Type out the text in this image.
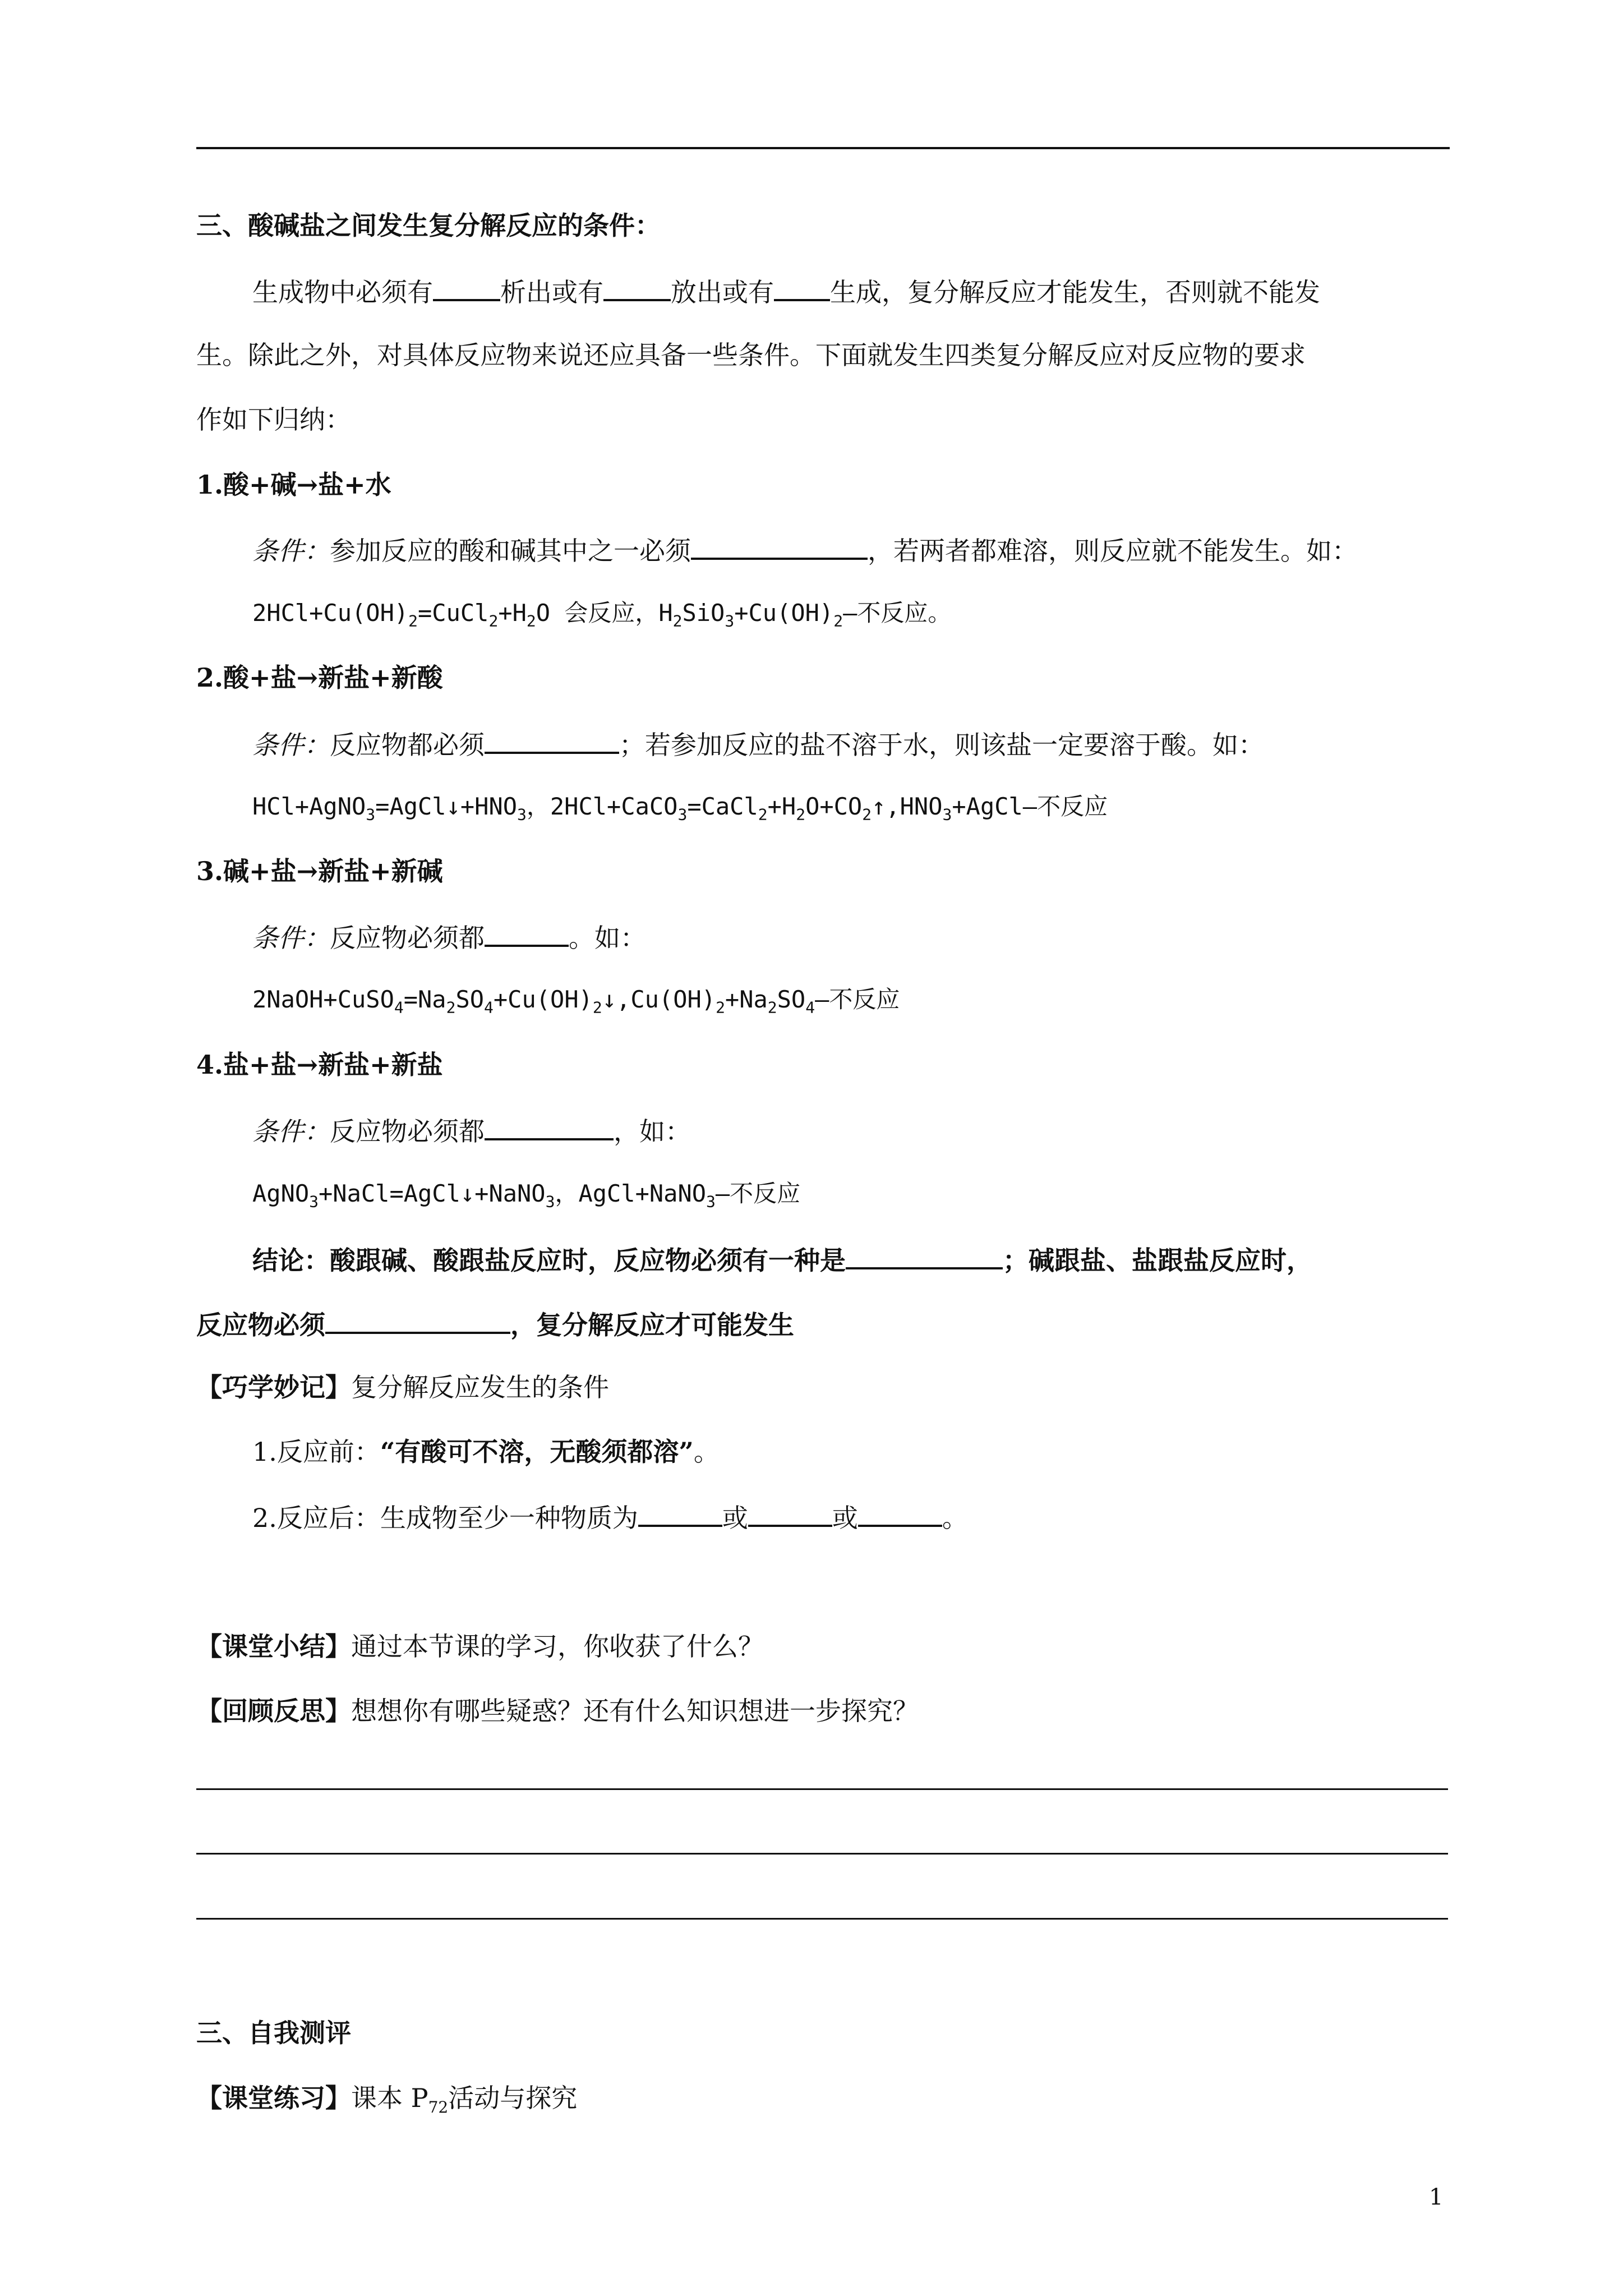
三、酸碱盐之间发生复分解反应的条件：
生成物中必须有	析出或有	放出或有 生成，复分解反应才能发生，否则就不能发
生。除此之外，对具体反应物来说还应具备一些条件。下面就发生四类复分解反应对反应物的要求
作如下归纳：
1.酸+碱→盐+水
条件：参加反应的酸和碱其中之一必须	，若两者都难溶，则反应就不能发生。如：
$2HCl+Cu(OH)_2=CuCl_2+H_2O$ 会反应，$H_2SiO_3+Cu(OH)_2—$不反应。
2.酸+盐→新盐+新酸
条件：反应物都必须	；若参加反应的盐不溶于水，则该盐一定要溶于酸。如：
$HCl+AgNO_3=AgCl↓+HNO_3$，$2HCl+CaCO_3=CaCl_2+H_2O+CO_2↑,HNO_3+AgCl—$不反应
3.碱+盐→新盐+新碱
条件：反应物必须都	。如：
$2NaOH+CuSO_4=Na_2SO_4+Cu(OH)_2↓,Cu(OH)_2+Na_2SO_4—$不反应
4.盐+盐→新盐+新盐
条件：反应物必须都	，如：
AgNO$_3$+NaCl=AgCl↓+NaNO$_3$，AgCl+NaNO$_3$—不反应
结论：酸跟碱、酸跟盐反应时，反应物必须有一种是	；碱跟盐、盐跟盐反应时，
反应物必须	，复分解反应才可能发生
【巧学妙记】复分解反应发生的条件
1.反应前：“有酸可不溶，无酸须都溶”。
2.反应后：生成物至少一种物质为	或	或	。
【课堂小结】通过本节课的学习，你收获了什么？
【回顾反思】想想你有哪些疑惑？还有什么知识想进一步探究？
三、自我测评
【课堂练习】课本 $P_{72}$活动与探究
1
